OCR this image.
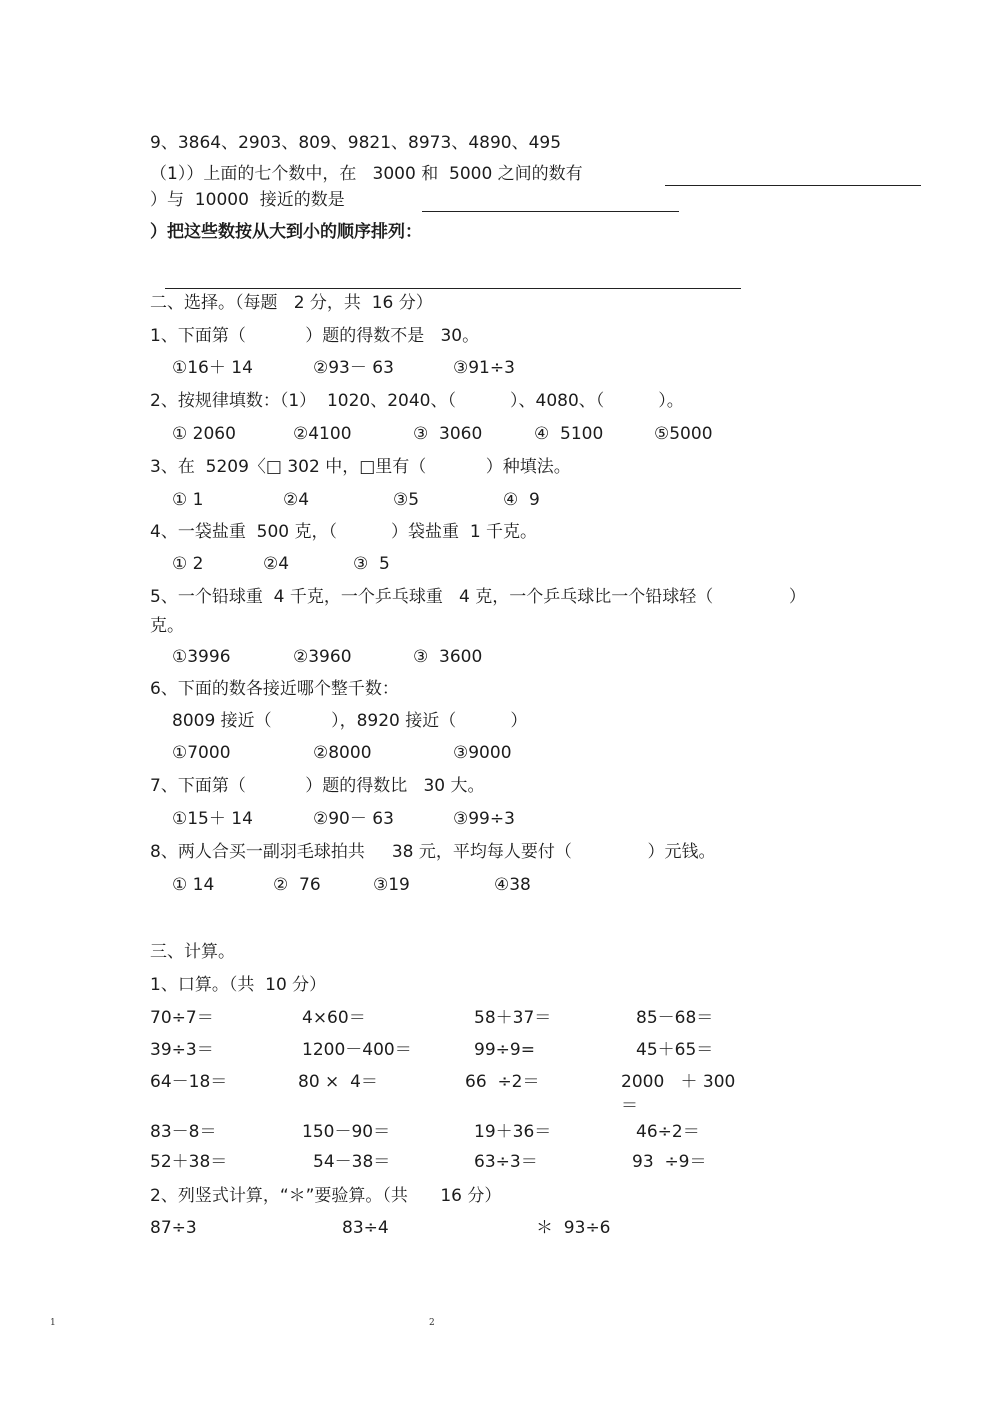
9、3864、2903、809、9821、8973、4890、495
（1））上面的七个数中，在   3000 和  5000 之间的数有
）与  10000  接近的数是
）把这些数按从大到小的顺序排列：
二、选择。（每题   2 分，共  16 分）
1、下面第（           ）题的得数不是   30。
①16＋ 14	②93－ 63	③91÷3
2、按规律填数：（1）  1020、2040、（          ）、4080、（          ）。
① 2060	②4100	③  3060	④  5100	⑤5000
3、在  5209〈□ 302 中，□里有（           ）种填法。
① 1	②4	③5	④  9
4、一袋盐重  500 克，（          ）袋盐重  1 千克。
① 2	②4	③  5
5、一个铅球重  4 千克，一个乒乓球重   4 克，一个乒乓球比一个铅球轻（              ）
克。
①3996	②3960	③  3600
6、下面的数各接近哪个整千数：
8009 接近（           ），8920 接近（          ）
①7000	②8000	③9000
7、下面第（           ）题的得数比   30 大。
①15＋ 14	②90－ 63	③99÷3
8、两人合买一副羽毛球拍共     38 元，平均每人要付（              ）元钱。
① 14	②  76	③19	④38
三、计算。
1、口算。（共  10 分）
70÷7＝	4×60＝	58＋37＝	85－68＝
39÷3＝	1200－400＝	99÷9=	45＋65＝
64－18＝	80 ×  4＝	66  ÷2＝	2000   ＋ 300
＝
83－8＝	150－90＝	19＋36＝	46÷2＝
52＋38＝	54－38＝	63÷3＝	93  ÷9＝
2、列竖式计算，“＊”要验算。（共      16 分）
87÷3	83÷4	＊  93÷6
1	2
